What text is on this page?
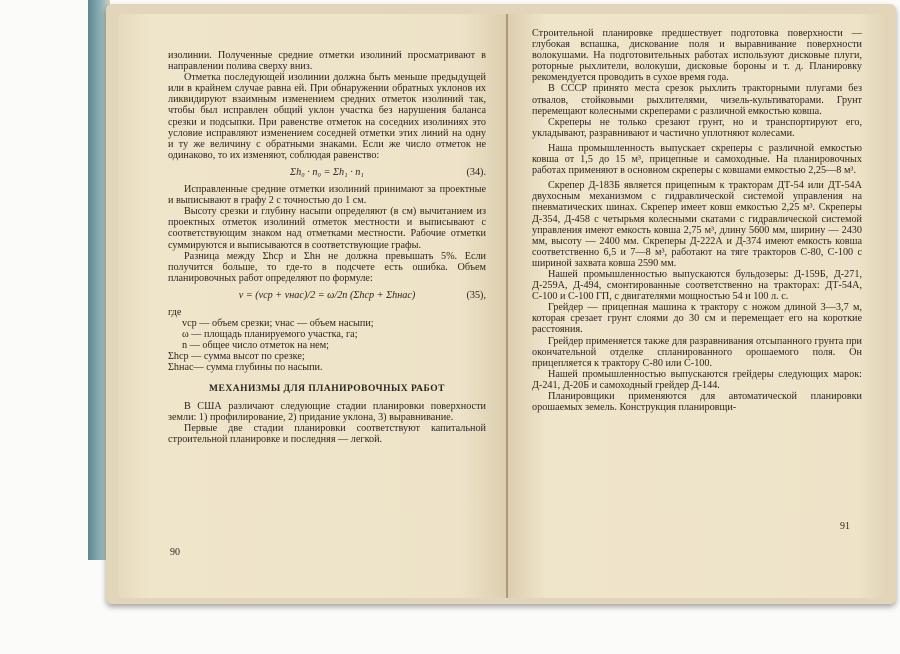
изолинии. Полученные средние отметки изолиний просматривают в направлении полива сверху вниз.

Отметка последующей изолинии должна быть меньше предыдущей или в крайнем случае равна ей. При обнаружении обратных уклонов их ликвидируют взаимным изменением средних отметок изолиний так, чтобы был исправлен общий уклон участка без нарушения баланса срезки и подсыпки. При равенстве отметок на соседних изолиниях это условие исправляют изменением соседней отметки этих линий на одну и ту же величину с обратными знаками. Если же число отметок не одинаково, то их изменяют, соблюдая равенство:

Σh₀ · n₀ = Σh₁ · n₁	(34).

Исправленные средние отметки изолиний принимают за проектные и выписывают в графу 2 с точностью до 1 см.

Высоту срезки и глубину насыпи определяют (в см) вычитанием из проектных отметок изолиний отметок местности и выписывают с соответствующим знаком над отметками местности. Рабочие отметки суммируются и выписываются в соответствующие графы.

Разница между Σhср и Σhн не должна превышать 5%. Если получится больше, то где-то в подсчете есть ошибка. Объем планировочных работ определяют по формуле:

v = (vср + vнас)/2 = ω/2n (Σhср + Σhнас)	(35),

где

vср — объем срезки; vнас — объем насыпи;

ω — площадь планируемого участка, га;

n — общее число отметок на нем;

Σhср — сумма высот по срезке;

Σhнас— сумма глубины по насыпи.

МЕХАНИЗМЫ ДЛЯ ПЛАНИРОВОЧНЫХ РАБОТ

В США различают следующие стадии планировки поверхности земли: 1) профилирование, 2) придание уклона, 3) выравнивание.

Первые две стадии планировки соответствуют капитальной строительной планировке и последняя — легкой.

90

Строительной планировке предшествует подготовка поверхности — глубокая вспашка, дискование поля и выравнивание поверхности волокушами. На подготовительных работах используют дисковые плуги, роторные рыхлители, волокуши, дисковые бороны и т. д. Планировку рекомендуется проводить в сухое время года.

В СССР принято места срезок рыхлить тракторными плугами без отвалов, стойковыми рыхлителями, чизель-культиваторами. Грунт перемещают колесными скреперами с различной емкостью ковша.

Скреперы не только срезают грунт, но и транспортируют его, укладывают, разравнивают и частично уплотняют колесами.

Наша промышленность выпускает скреперы с различной емкостью ковша от 1,5 до 15 м³, прицепные и самоходные. На планировочных работах применяют в основном скреперы с ковшами емкостью 2,25—8 м³.

Скрепер Д-183Б является прицепным к тракторам ДТ-54 или ДТ-54А двухосным механизмом с гидравлической системой управления на пневматических шинах. Скрепер имеет ковш емкостью 2,25 м³. Скреперы Д-354, Д-458 с четырьмя колесными скатами с гидравлической системой управления имеют емкость ковша 2,75 м³, длину 5600 мм, ширину — 2430 мм, высоту — 2400 мм. Скреперы Д-222А и Д-374 имеют емкость ковша соответственно 6,5 и 7—8 м³, работают на тяге тракторов С-80, С-100 с шириной захвата ковша 2590 мм.

Нашей промышленностью выпускаются бульдозеры: Д-159Б, Д-271, Д-259А, Д-494, смонтированные соответственно на тракторах: ДТ-54А, С-100 и С-100 ГП, с двигателями мощностью 54 и 100 л. с.

Грейдер — прицепная машина к трактору с ножом длиной 3—3,7 м, которая срезает грунт слоями до 30 см и перемещает его на короткие расстояния.

Грейдер применяется также для разравнивания отсыпанного грунта при окончательной отделке спланированного орошаемого поля. Он прицепляется к трактору С-80 или С-100.

Нашей промышленностью выпускаются грейдеры следующих марок: Д-241, Д-20Б и самоходный грейдер Д-144.

Планировщики применяются для автоматической планировки орошаемых земель. Конструкция планировщи-

91
